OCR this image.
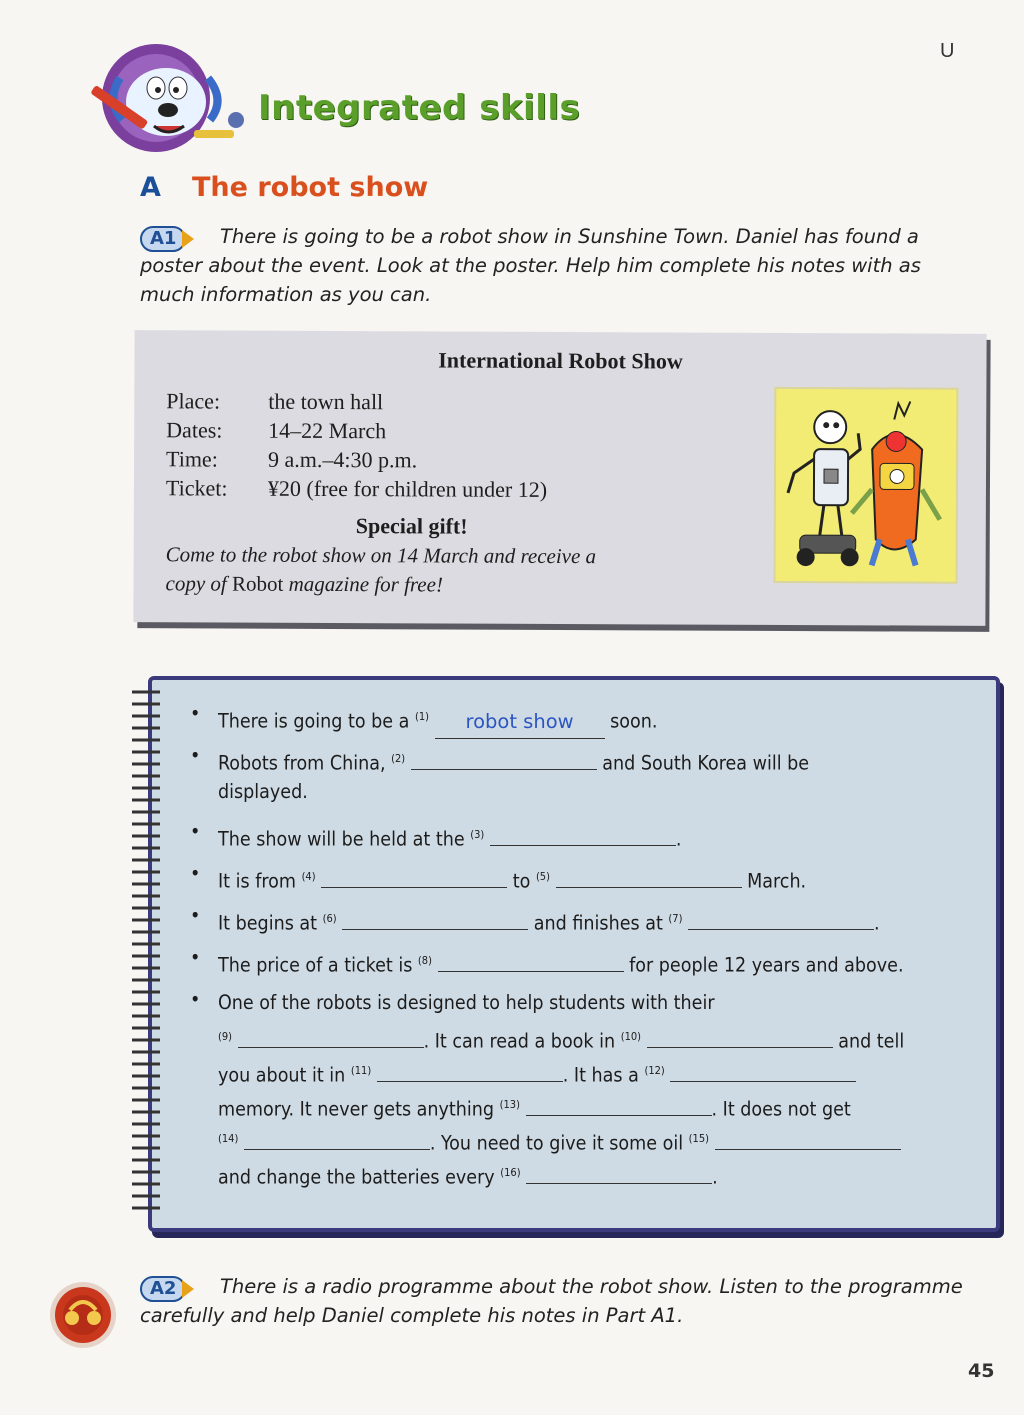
U
Integrated skills
A The robot show
A1	There is going to be a robot show in Sunshine Town. Daniel has found a
poster about the event. Look at the poster. Help him complete his notes with as
much information as you can.
International Robot Show
Place:	the town hall
Dates:	14–22 March
Time:	9 a.m.–4:30 p.m.
Ticket:	¥20 (free for children under 12)
Special gift!
Come to the robot show on 14 March and receive a
copy of Robot magazine for free!
• There is going to be a $^{(1)}$ robot show soon.
• Robots from China, $^{(2)}$	and South Korea will be
displayed.
• The show will be held at the $^{(3)}$	.
• It is from $^{(4)}$	to $^{(5)}$	March.
• It begins at $^{(6)}$	and finishes at $^{(7)}$	.
• The price of a ticket is $^{(8)}$	for people 12 years and above.
• One of the robots is designed to help students with their
$^{(9)}$	. It can read a book in $^{(10)}$	and tell
you about it in $^{(11)}$	. It has a $^{(12)}$
memory. It never gets anything $^{(13)}$	. It does not get
$^{(14)}$	. You need to give it some oil $^{(15)}$
and change the batteries every $^{(16)}$	.
A2	There is a radio programme about the robot show. Listen to the programme
carefully and help Daniel complete his notes in Part A1.
45
